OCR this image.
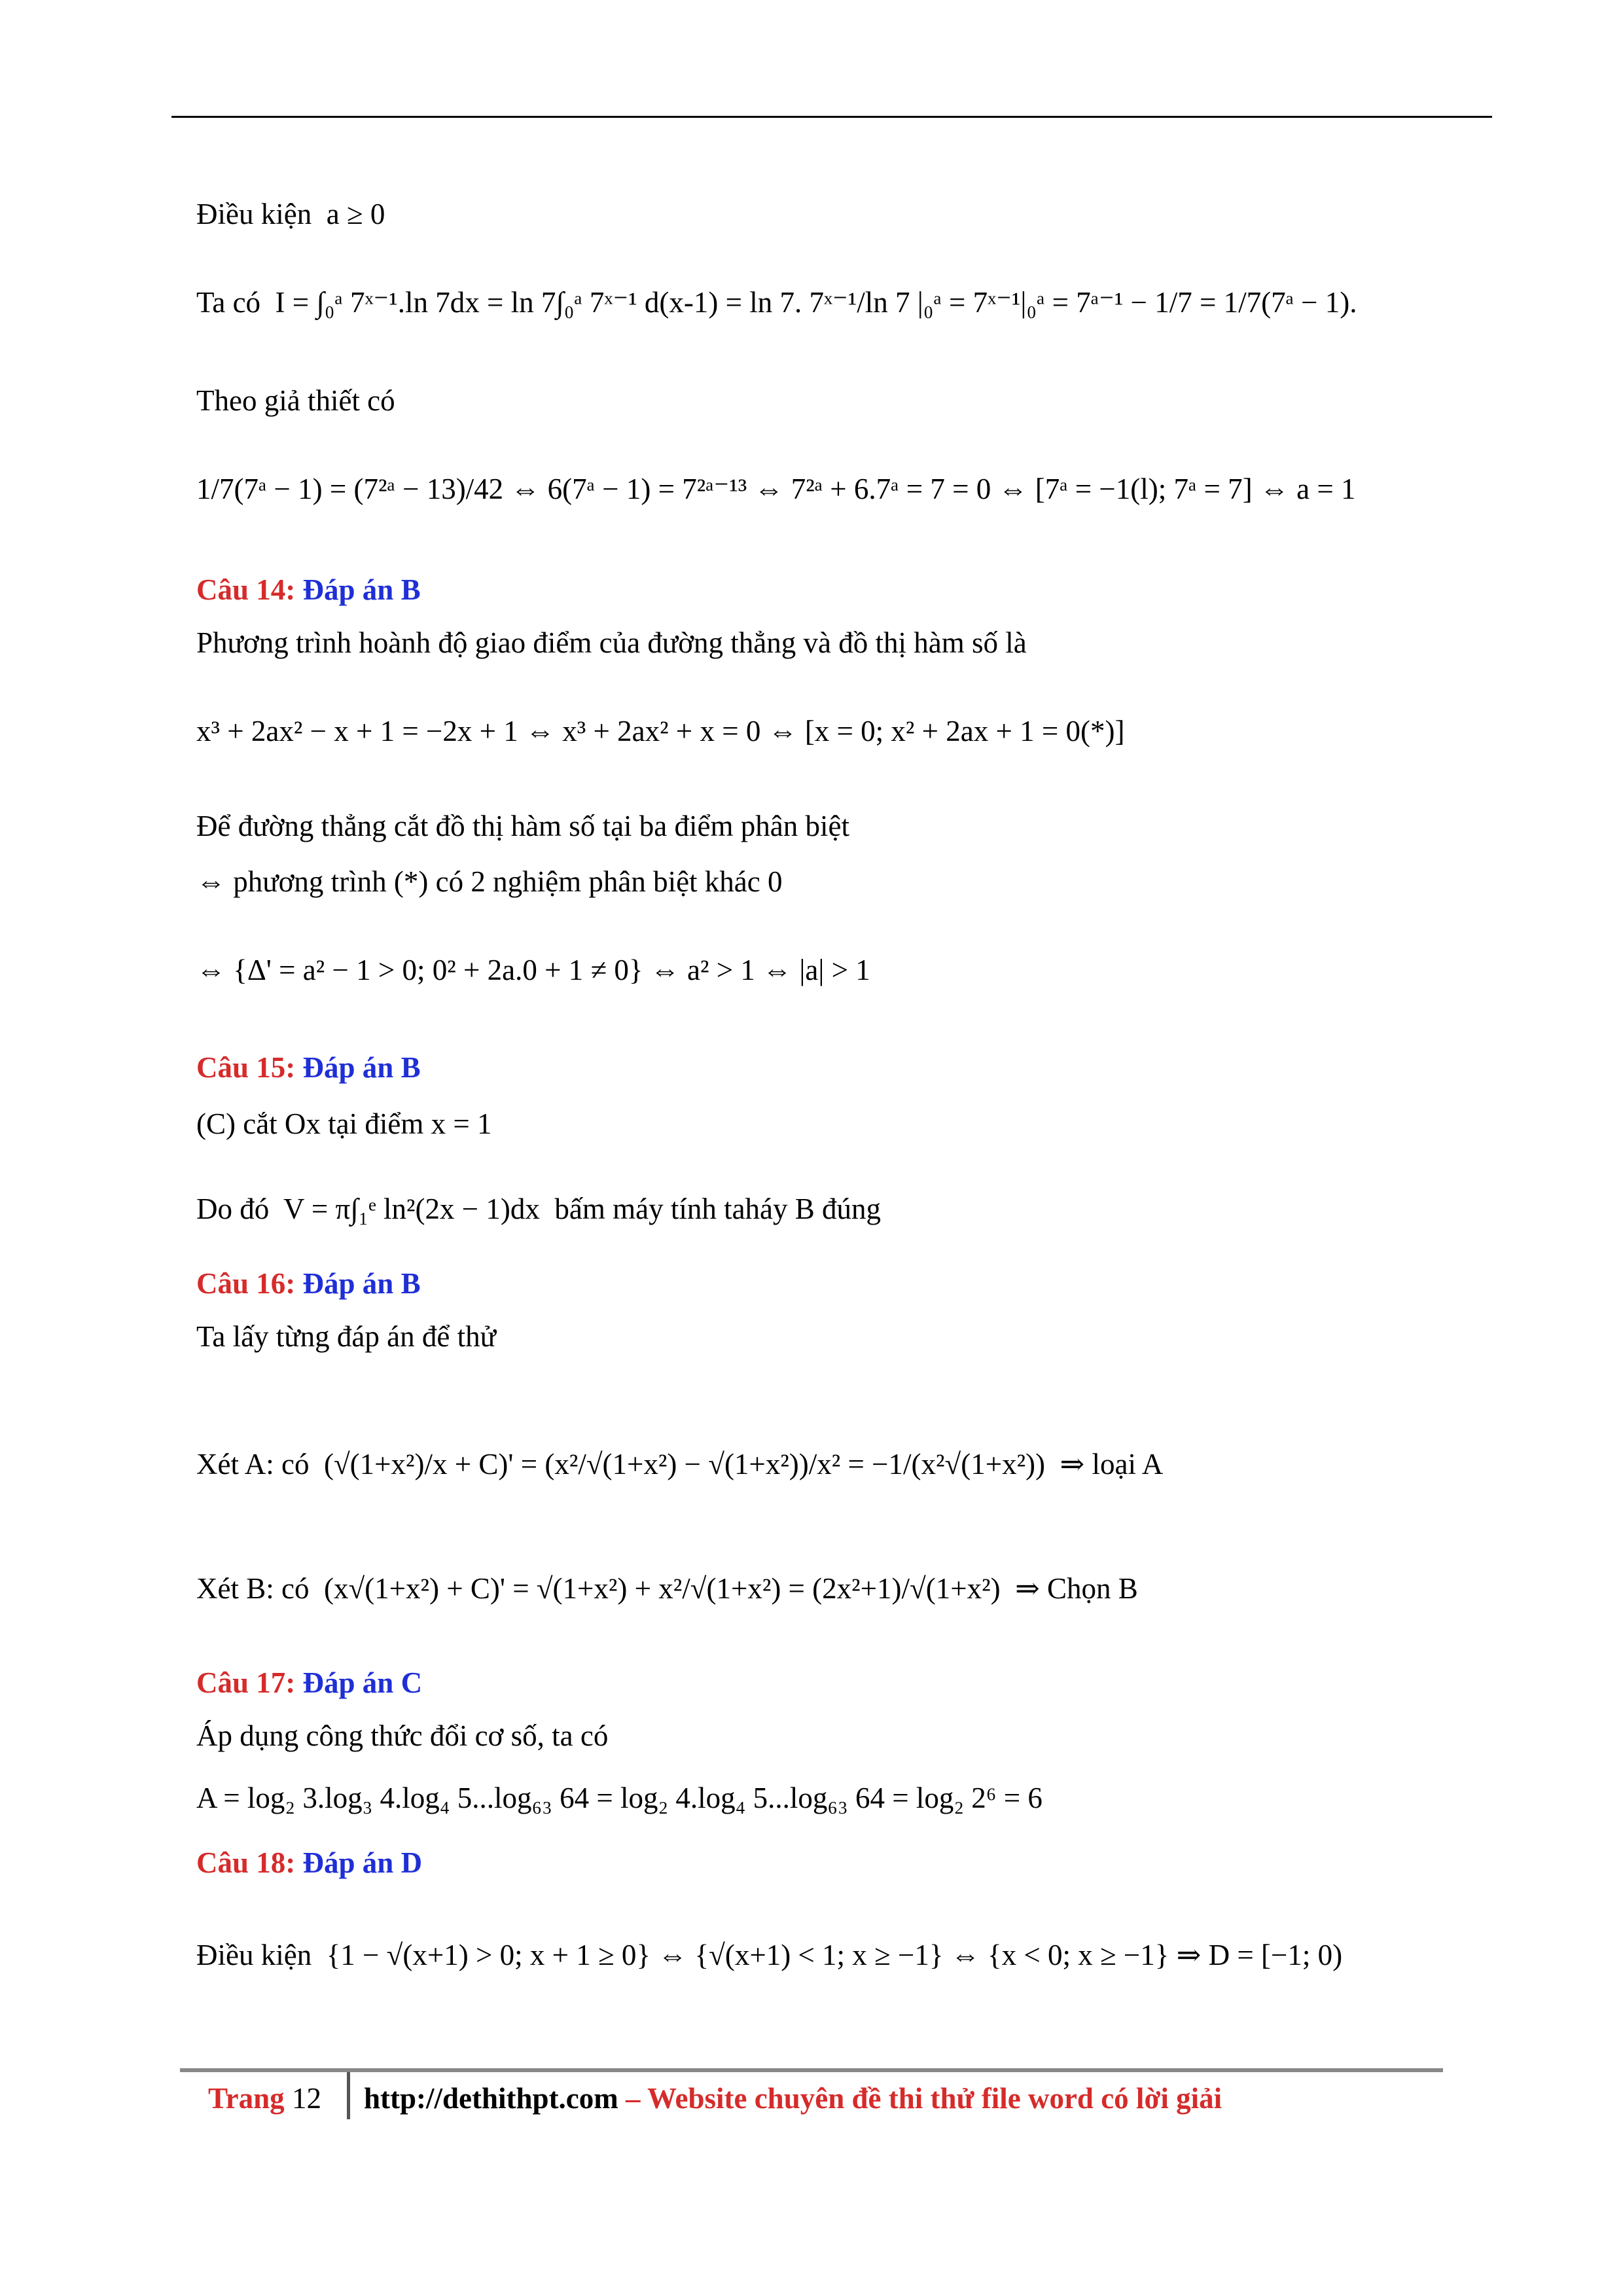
Điều kiện a ≥ 0
Ta có I = ∫₀ᵃ 7ˣ⁻¹.ln 7dx = ln 7∫₀ᵃ 7ˣ⁻¹ d(x-1) = ln 7. 7ˣ⁻¹/ln 7 |₀ᵃ = 7ˣ⁻¹|₀ᵃ = 7ᵃ⁻¹ − 1/7 = 1/7(7ᵃ − 1).
Theo giả thiết có
1/7(7ᵃ − 1) = (7²ᵃ − 13)/42 ⇔ 6(7ᵃ − 1) = 7²ᵃ⁻¹³ ⇔ 7²ᵃ + 6.7ᵃ = 7 = 0 ⇔ [7ᵃ = −1(l); 7ᵃ = 7] ⇔ a = 1
Câu 14: Đáp án B
Phương trình hoành độ giao điểm của đường thẳng và đồ thị hàm số là
x³ + 2ax² − x + 1 = −2x + 1 ⇔ x³ + 2ax² + x = 0 ⇔ [x = 0; x² + 2ax + 1 = 0(*)]
Để đường thẳng cắt đồ thị hàm số tại ba điểm phân biệt
⇔ phương trình (*) có 2 nghiệm phân biệt khác 0
⇔ {Δ' = a² − 1 > 0; 0² + 2a.0 + 1 ≠ 0} ⇔ a² > 1 ⇔ |a| > 1
Câu 15: Đáp án B
(C) cắt Ox tại điểm x = 1
Do đó V = π∫₁ᵉ ln²(2x − 1)dx bấm máy tính taháy B đúng
Câu 16: Đáp án B
Ta lấy từng đáp án để thử
Xét A: có (√(1+x²)/x + C)' = (x²/√(1+x²) − √(1+x²))/x² = −1/(x²√(1+x²)) ⇒ loại A
Xét B: có (x√(1+x²) + C)' = √(1+x²) + x²/√(1+x²) = (2x²+1)/√(1+x²) ⇒ Chọn B
Câu 17: Đáp án C
Áp dụng công thức đổi cơ số, ta có
A = log₂ 3.log₃ 4.log₄ 5...log₆₃ 64 = log₂ 4.log₄ 5...log₆₃ 64 = log₂ 2⁶ = 6
Câu 18: Đáp án D
Điều kiện {1 − √(x+1) > 0; x + 1 ≥ 0} ⇔ {√(x+1) < 1; x ≥ −1} ⇔ {x < 0; x ≥ −1} ⇒ D = [−1; 0)
Trang 12 http://dethithpt.com – Website chuyên đề thi thử file word có lời giải
